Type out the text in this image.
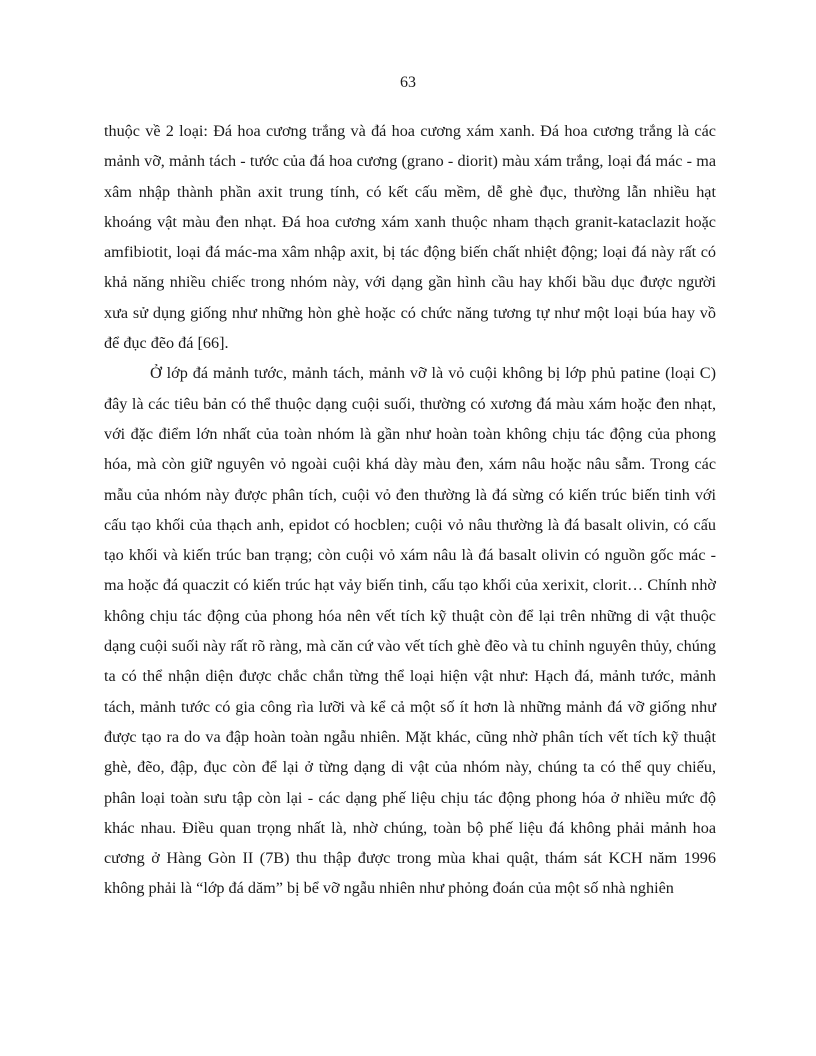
63

thuộc về 2 loại: Đá hoa cương trắng và đá hoa cương xám xanh. Đá hoa cương trắng là các mảnh vỡ, mảnh tách - tước của đá hoa cương (grano - diorit) màu xám trắng, loại đá mác - ma xâm nhập thành phần axit trung tính, có kết cấu mềm, dễ ghè đục, thường lẫn nhiều hạt khoáng vật màu đen nhạt. Đá hoa cương xám xanh thuộc nham thạch granit-kataclazit hoặc amfibiotit, loại đá mác-ma xâm nhập axit, bị tác động biến chất nhiệt động; loại đá này rất có khả năng nhiều chiếc trong nhóm này, với dạng gần hình cầu hay khối bầu dục được người xưa sử dụng giống như những hòn ghè hoặc có chức năng tương tự như một loại búa hay vồ để đục đẽo đá [66].

Ở lớp đá mảnh tước, mảnh tách, mảnh vỡ là vỏ cuội không bị lớp phủ patine (loại C) đây là các tiêu bản có thể thuộc dạng cuội suối, thường có xương đá màu xám hoặc đen nhạt, với đặc điểm lớn nhất của toàn nhóm là gần như hoàn toàn không chịu tác động của phong hóa, mà còn giữ nguyên vỏ ngoài cuội khá dày màu đen, xám nâu hoặc nâu sẫm. Trong các mẫu của nhóm này được phân tích, cuội vỏ đen thường là đá sừng có kiến trúc biến tinh với cấu tạo khối của thạch anh, epidot có hocblen; cuội vỏ nâu thường là đá basalt olivin, có cấu tạo khối và kiến trúc ban trạng; còn cuội vỏ xám nâu là đá basalt olivin có nguồn gốc mác - ma hoặc đá quaczit có kiến trúc hạt vảy biến tinh, cấu tạo khối của xerixit, clorit… Chính nhờ không chịu tác động của phong hóa nên vết tích kỹ thuật còn để lại trên những di vật thuộc dạng cuội suối này rất rõ ràng, mà căn cứ vào vết tích ghè đẽo và tu chỉnh nguyên thủy, chúng ta có thể nhận diện được chắc chắn từng thể loại hiện vật như: Hạch đá, mảnh tước, mảnh tách, mảnh tước có gia công rìa lưỡi và kể cả một số ít hơn là những mảnh đá vỡ giống như được tạo ra do va đập hoàn toàn ngẫu nhiên. Mặt khác, cũng nhờ phân tích vết tích kỹ thuật ghè, đẽo, đập, đục còn để lại ở từng dạng di vật của nhóm này, chúng ta có thể quy chiếu, phân loại toàn sưu tập còn lại - các dạng phế liệu chịu tác động phong hóa ở nhiều mức độ khác nhau. Điều quan trọng nhất là, nhờ chúng, toàn bộ phế liệu đá không phải mảnh hoa cương ở Hàng Gòn II (7B) thu thập được trong mùa khai quật, thám sát KCH năm 1996 không phải là “lớp đá dăm” bị bể vỡ ngẫu nhiên như phỏng đoán của một số nhà nghiên
